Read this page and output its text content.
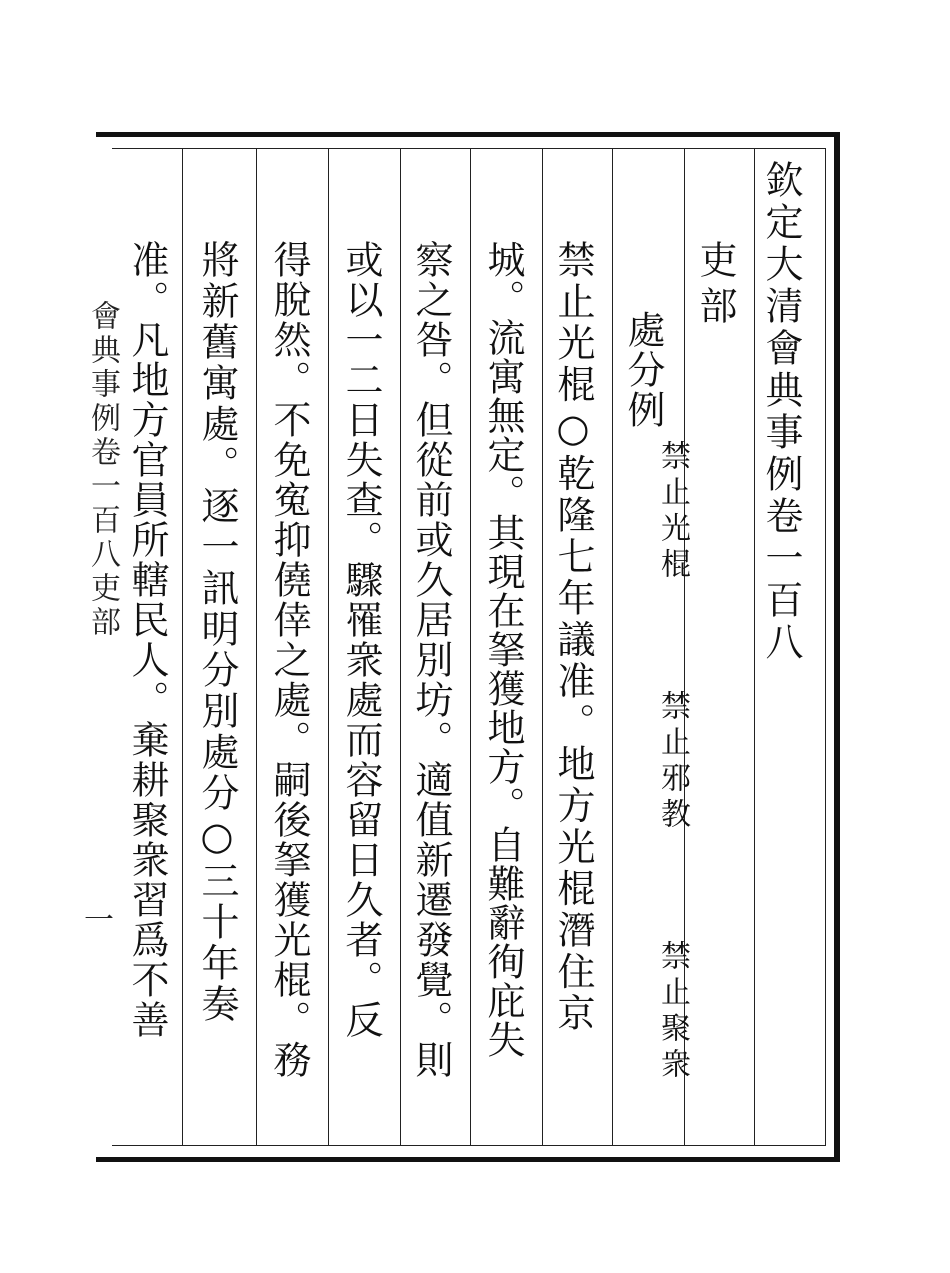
欽定大清會典事例卷一百八
吏部
處分例
禁止光棍
禁止邪教
禁止聚衆
禁止光棍○乾隆七年議准。地方光棍潛住京
城。流寓無定。其現在拏獲地方。自難辭徇庇失
察之咎。但從前或久居別坊。適值新遷發覺。則
或以一二日失查。驟罹衆處而容留日久者。反
得脫然。不免寃抑僥倖之處。嗣後拏獲光棍。務
將新舊寓處。逐一訊明分別處分○三十年奏
准。凡地方官員所轄民人。棄耕聚衆習爲不善
會典事例卷一百八吏部
一
